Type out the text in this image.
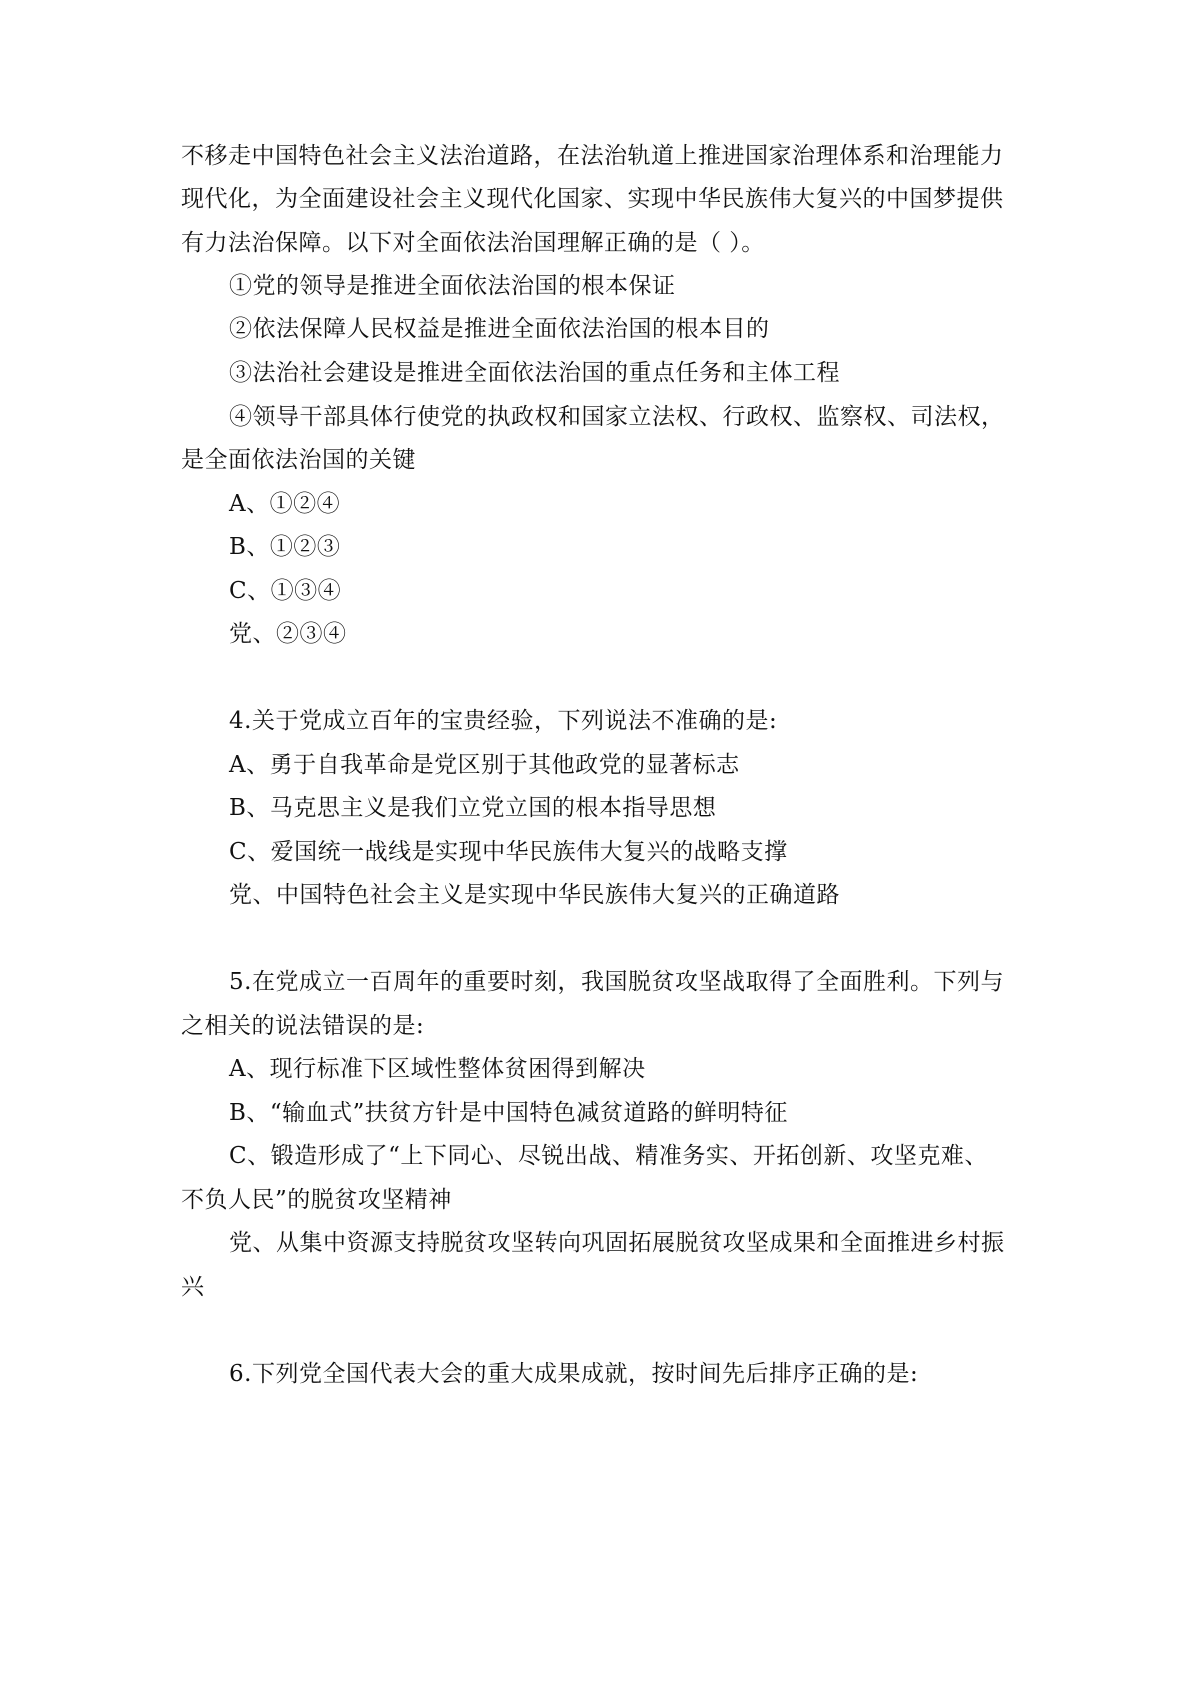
不移走中国特色社会主义法治道路，在法治轨道上推进国家治理体系和治理能力
现代化，为全面建设社会主义现代化国家、实现中华民族伟大复兴的中国梦提供
有力法治保障。以下对全面依法治国理解正确的是（ ）。
①党的领导是推进全面依法治国的根本保证
②依法保障人民权益是推进全面依法治国的根本目的
③法治社会建设是推进全面依法治国的重点任务和主体工程
④领导干部具体行使党的执政权和国家立法权、行政权、监察权、司法权，
是全面依法治国的关键
A、①②④
B、①②③
C、①③④
党、②③④
4.关于党成立百年的宝贵经验，下列说法不准确的是:
A、勇于自我革命是党区别于其他政党的显著标志
B、马克思主义是我们立党立国的根本指导思想
C、爱国统一战线是实现中华民族伟大复兴的战略支撑
党、中国特色社会主义是实现中华民族伟大复兴的正确道路
5.在党成立一百周年的重要时刻，我国脱贫攻坚战取得了全面胜利。下列与
之相关的说法错误的是:
A、现行标准下区域性整体贫困得到解决
B、“输血式”扶贫方针是中国特色减贫道路的鲜明特征
C、锻造形成了“上下同心、尽锐出战、精准务实、开拓创新、攻坚克难、
不负人民”的脱贫攻坚精神
党、从集中资源支持脱贫攻坚转向巩固拓展脱贫攻坚成果和全面推进乡村振
兴
6.下列党全国代表大会的重大成果成就，按时间先后排序正确的是:
